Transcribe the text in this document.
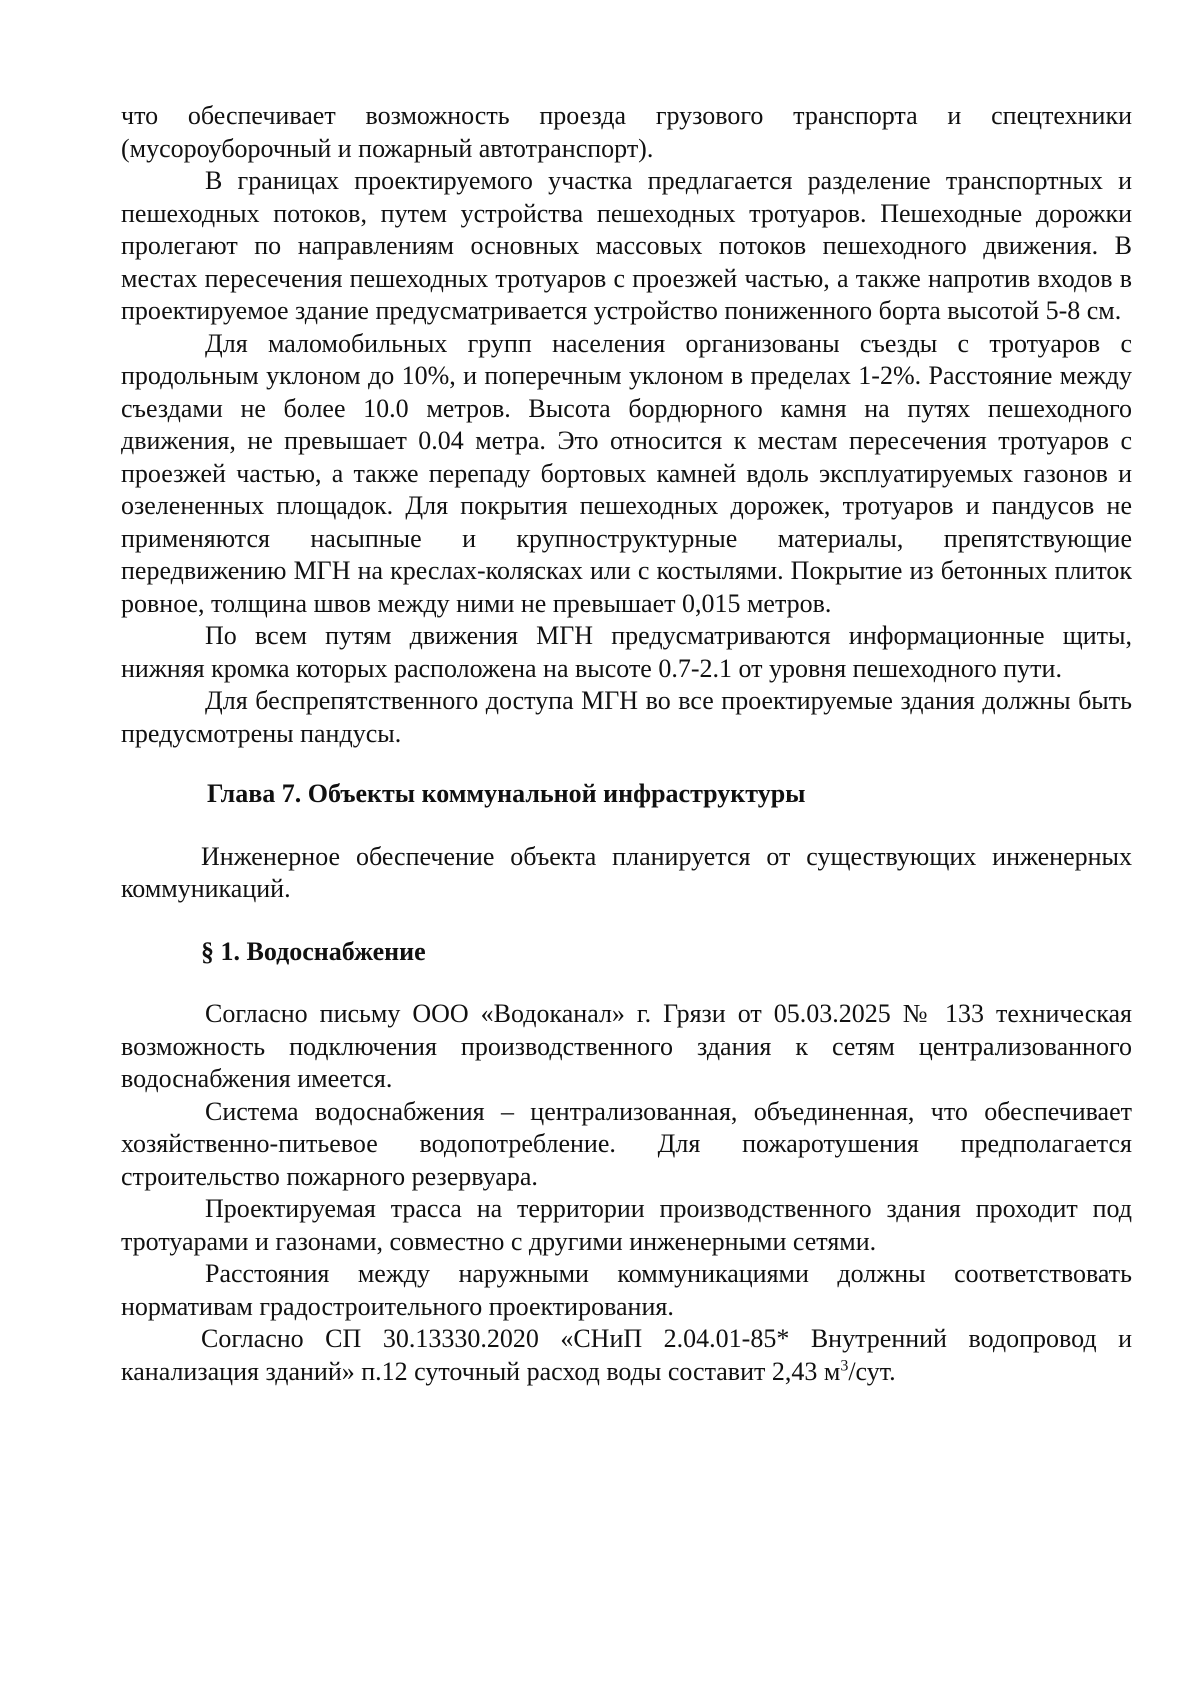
что обеспечивает возможность проезда грузового транспорта и спецтехники (мусороуборочный и пожарный автотранспорт).

В границах проектируемого участка предлагается разделение транспортных и пешеходных потоков, путем устройства пешеходных тротуаров. Пешеходные дорожки пролегают по направлениям основных массовых потоков пешеходного движения. В местах пересечения пешеходных тротуаров с проезжей частью, а также напротив входов в проектируемое здание предусматривается устройство пониженного борта высотой 5-8 см.

Для маломобильных групп населения организованы съезды с тротуаров с продольным уклоном до 10%, и поперечным уклоном в пределах 1-2%. Расстояние между съездами не более 10.0 метров. Высота бордюрного камня на путях пешеходного движения, не превышает 0.04 метра. Это относится к местам пересечения тротуаров с проезжей частью, а также перепаду бортовых камней вдоль эксплуатируемых газонов и озелененных площадок. Для покрытия пешеходных дорожек, тротуаров и пандусов не применяются насыпные и крупноструктурные материалы, препятствующие передвижению МГН на креслах-колясках или с костылями. Покрытие из бетонных плиток ровное, толщина швов между ними не превышает 0,015 метров.

По всем путям движения МГН предусматриваются информационные щиты, нижняя кромка которых расположена на высоте 0.7-2.1 от уровня пешеходного пути.

Для беспрепятственного доступа МГН во все проектируемые здания должны быть предусмотрены пандусы.

Глава 7. Объекты коммунальной инфраструктуры

Инженерное обеспечение объекта планируется от существующих инженерных коммуникаций.

§ 1. Водоснабжение

Согласно письму ООО «Водоканал» г. Грязи от 05.03.2025 № 133 техническая возможность подключения производственного здания к сетям централизованного водоснабжения имеется.

Система водоснабжения – централизованная, объединенная, что обеспечивает хозяйственно-питьевое водопотребление. Для пожаротушения предполагается строительство пожарного резервуара.

Проектируемая трасса на территории производственного здания проходит под тротуарами и газонами, совместно с другими инженерными сетями.

Расстояния между наружными коммуникациями должны соответствовать нормативам градостроительного проектирования.

Согласно СП 30.13330.2020 «СНиП 2.04.01-85* Внутренний водопровод и канализация зданий» п.12 суточный расход воды составит 2,43 $м^3$/сут.
